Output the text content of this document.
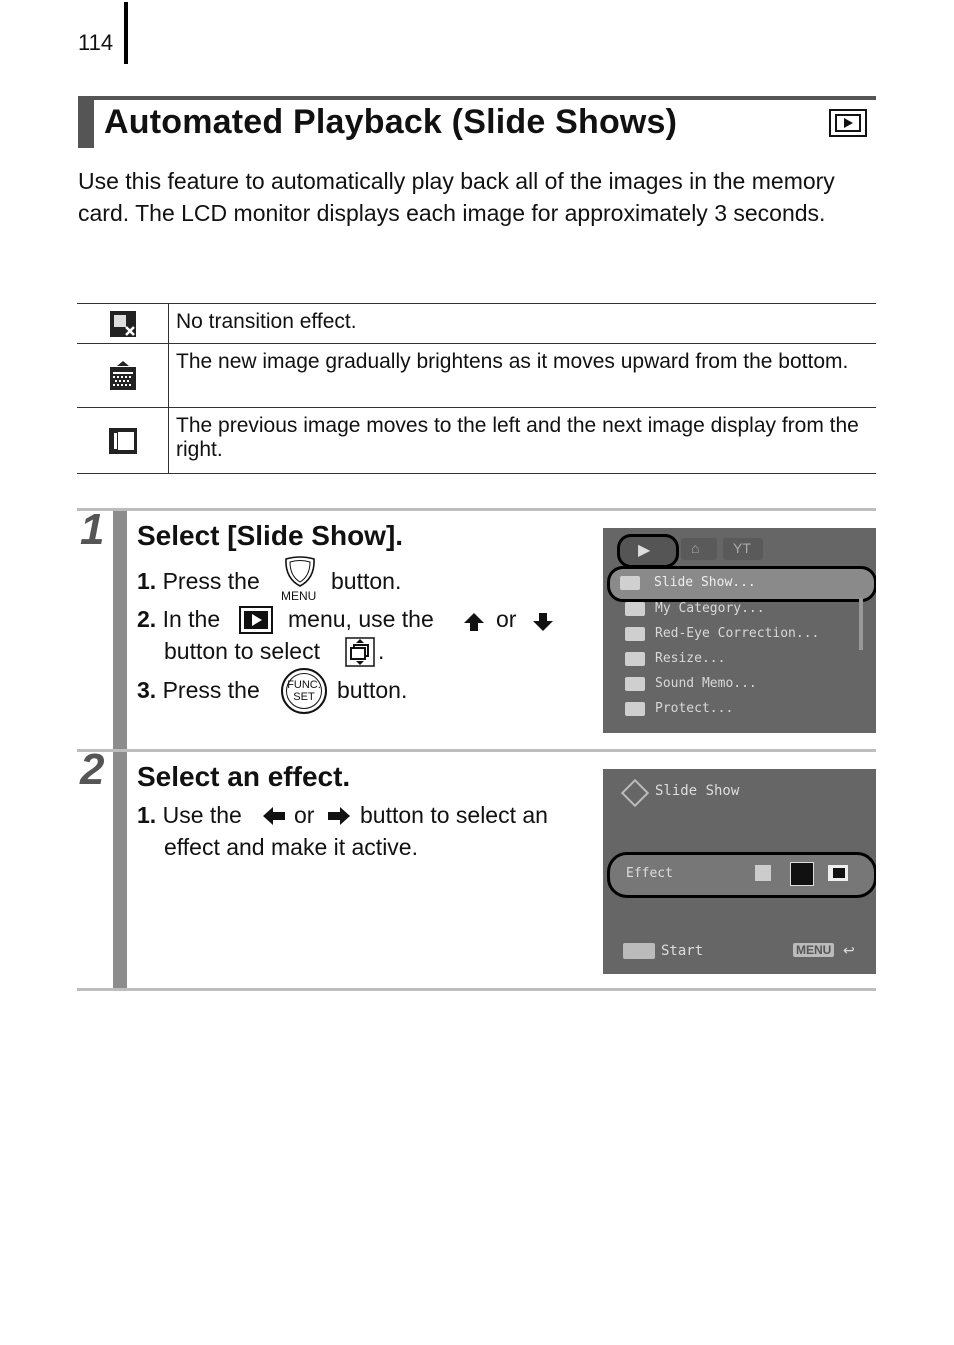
114
Automated Playback (Slide Shows)
Use this feature to automatically play back all of the images in the memory card. The LCD monitor displays each image for approximately 3 seconds.
	No transition effect.

	The new image gradually brightens as it moves upward from the bottom.

	The previous image moves to the left and the next image display from the right.
1 Select [Slide Show].
1. Press the
MENU
button.
2. In the	menu, use the	or
button to select	.
3. Press the	FUNC.
SET button.
▶	⌂ YT
Slide Show...
My Category...
Red-Eye Correction...
Resize...
Sound Memo...
Protect...
2 Select an effect.
1. Use the or button to select an
effect and make it active.
Slide Show
Effect
Start	MENU ↩
